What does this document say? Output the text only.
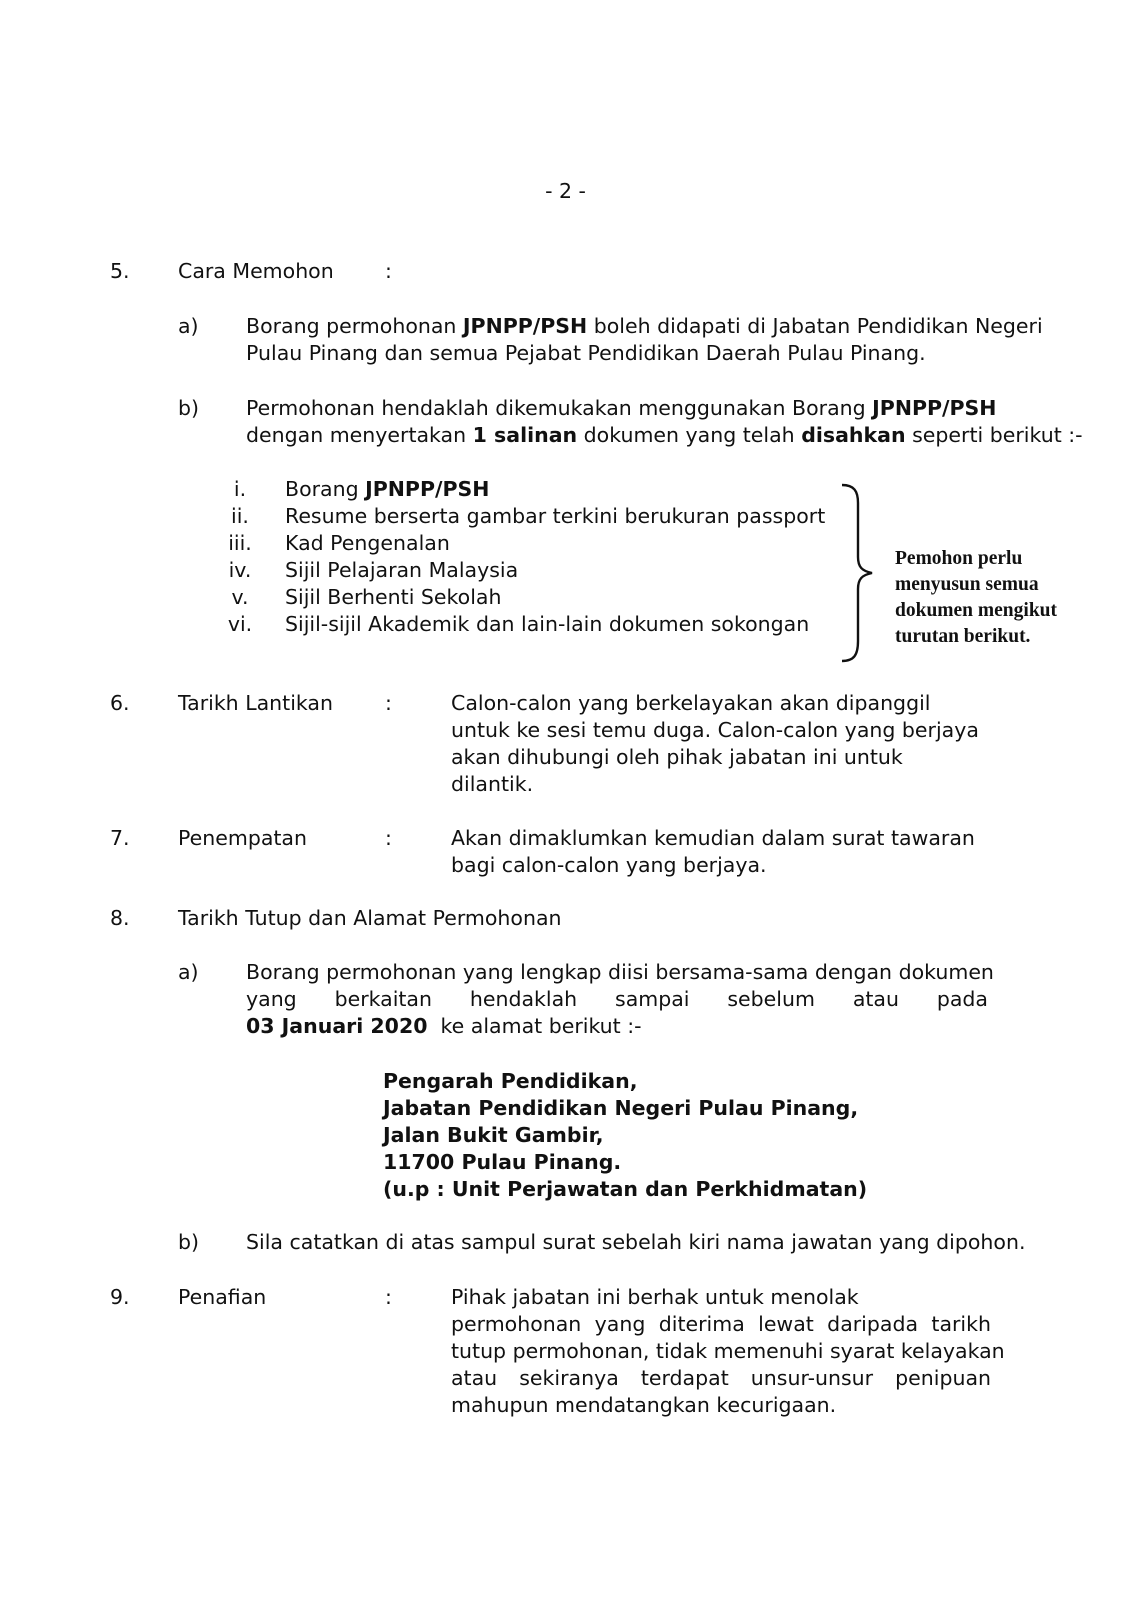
- 2 -
5. Cara Memohon	:
a) Borang permohonan JPNPP/PSH boleh didapati di Jabatan Pendidikan Negeri
Pulau Pinang dan semua Pejabat Pendidikan Daerah Pulau Pinang.
b) Permohonan hendaklah dikemukakan menggunakan Borang JPNPP/PSH
dengan menyertakan 1 salinan dokumen yang telah disahkan seperti berikut :-
i. Borang JPNPP/PSH
ii. Resume berserta gambar terkini berukuran passport
iii. Kad Pengenalan
iv. Sijil Pelajaran Malaysia
v. Sijil Berhenti Sekolah
vi. Sijil-sijil Akademik dan lain-lain dokumen sokongan
Pemohon perlu
menyusun semua
dokumen mengikut
turutan berikut.
6. Tarikh Lantikan	:	Calon-calon yang berkelayakan akan dipanggil
untuk ke sesi temu duga. Calon-calon yang berjaya
akan dihubungi oleh pihak jabatan ini untuk
dilantik.
7. Penempatan	:	Akan dimaklumkan kemudian dalam surat tawaran
bagi calon-calon yang berjaya.
8. Tarikh Tutup dan Alamat Permohonan
a) Borang permohonan yang lengkap diisi bersama-sama dengan dokumen
yang berkaitan hendaklah sampai sebelum atau pada
03 Januari 2020  ke alamat berikut :-
Pengarah Pendidikan,
Jabatan Pendidikan Negeri Pulau Pinang,
Jalan Bukit Gambir,
11700 Pulau Pinang.
(u.p : Unit Perjawatan dan Perkhidmatan)
b) Sila catatkan di atas sampul surat sebelah kiri nama jawatan yang dipohon.
9. Penafian	:	Pihak jabatan ini berhak untuk menolak
permohonan yang diterima lewat daripada tarikh
tutup permohonan, tidak memenuhi syarat kelayakan
atau sekiranya terdapat unsur-unsur penipuan
mahupun mendatangkan kecurigaan.
